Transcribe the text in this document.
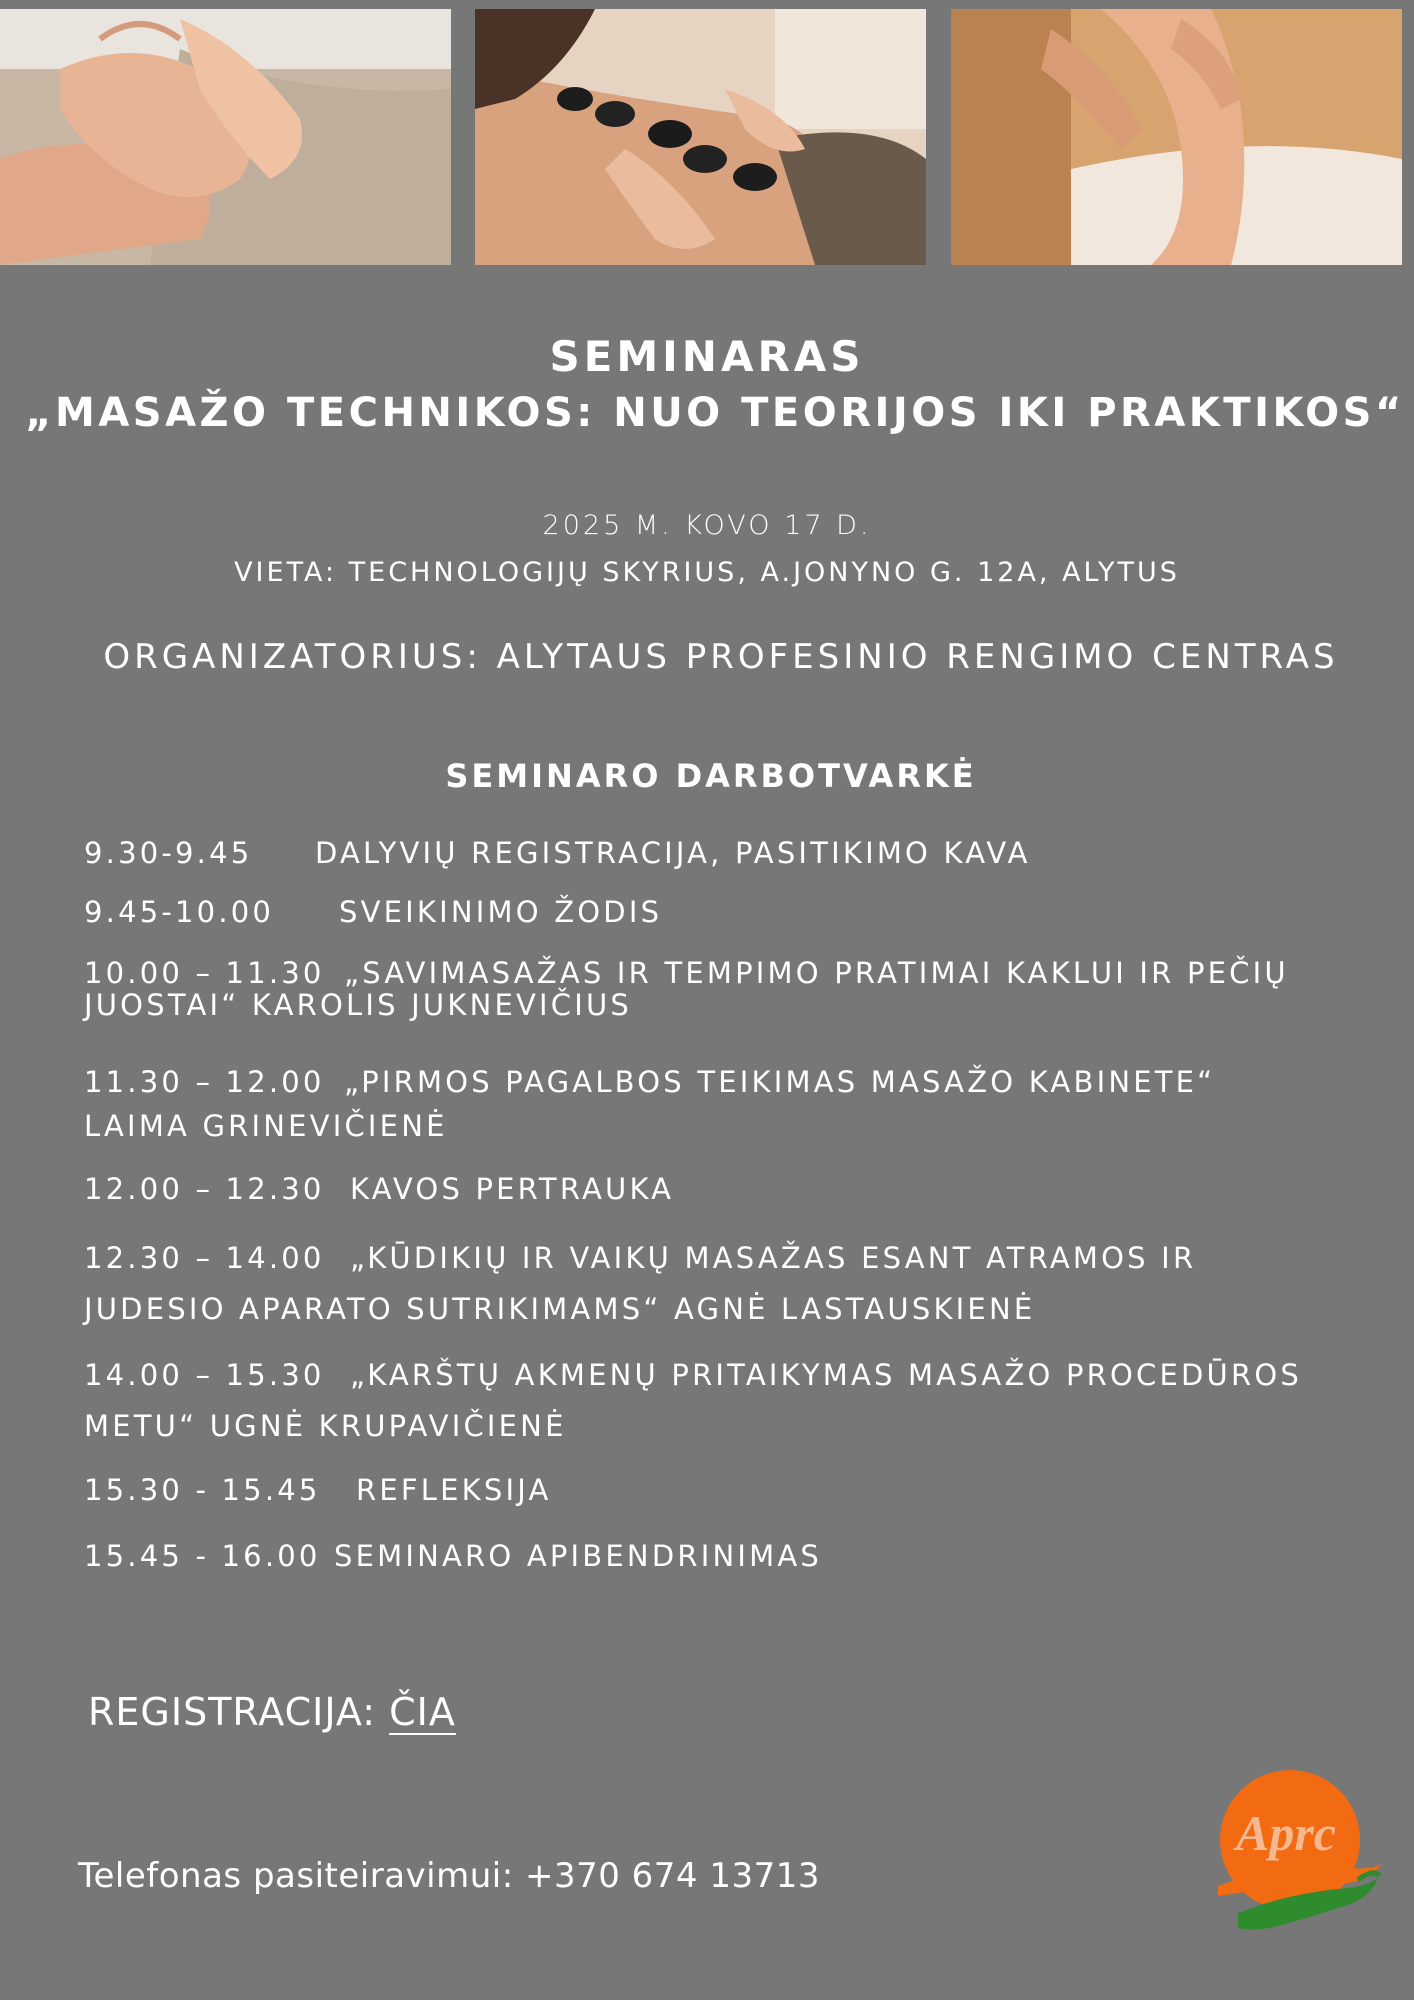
SEMINARAS
„MASAŽO TECHNIKOS: NUO TEORIJOS IKI PRAKTIKOS“
2025 M. KOVO 17 D.
VIETA: TECHNOLOGIJŲ SKYRIUS, A.JONYNO G. 12A, ALYTUS
ORGANIZATORIUS: ALYTAUS PROFESINIO RENGIMO CENTRAS
SEMINARO DARBOTVARKĖ
9.30-9.45 DALYVIŲ REGISTRACIJA, PASITIKIMO KAVA
9.45-10.00 SVEIKINIMO ŽODIS
10.00 – 11.30 „SAVIMASAŽAS IR TEMPIMO PRATIMAI KAKLUI IR PEČIŲ
JUOSTAI“ KAROLIS JUKNEVIČIUS
11.30 – 12.00 „PIRMOS PAGALBOS TEIKIMAS MASAŽO KABINETE“
LAIMA GRINEVIČIENĖ
12.00 – 12.30 KAVOS PERTRAUKA
12.30 – 14.00 „KŪDIKIŲ IR VAIKŲ MASAŽAS ESANT ATRAMOS IR
JUDESIO APARATO SUTRIKIMAMS“ AGNĖ LASTAUSKIENĖ
14.00 – 15.30 „KARŠTŲ AKMENŲ PRITAIKYMAS MASAŽO PROCEDŪROS
METU“ UGNĖ KRUPAVIČIENĖ
15.30 - 15.45 REFLEKSIJA
15.45 - 16.00 SEMINARO APIBENDRINIMAS
REGISTRACIJA: ČIA
Telefonas pasiteiravimui: +370 674 13713
Aprc
